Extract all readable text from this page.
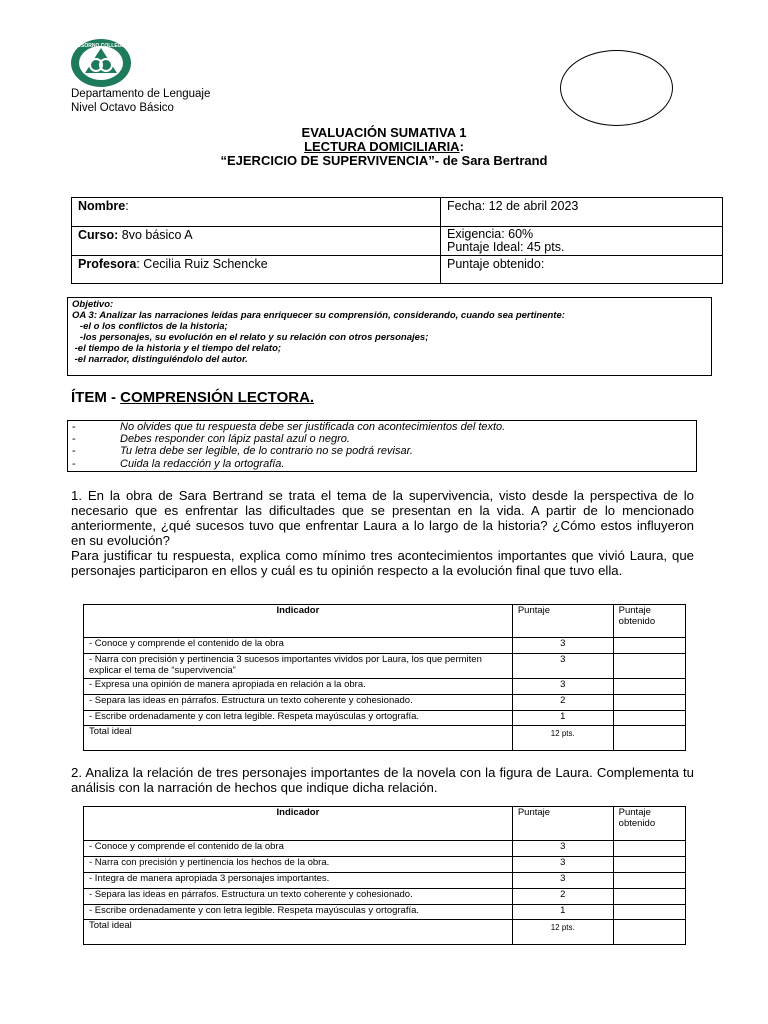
OSORNO COLLEGE
Departamento de Lenguaje
Nivel Octavo Básico
EVALUACIÓN SUMATIVA 1
LECTURA DOMICILIARIA:
“EJERCICIO DE SUPERVIVENCIA”- de Sara Bertrand
Nombre:	Fecha: 12 de abril 2023
Curso: 8vo básico A	Exigencia: 60%
Puntaje Ideal: 45 pts.

Profesora: Cecilia Ruiz Schencke	Puntaje obtenido:
Objetivo:
OA 3: Analizar las narraciones leídas para enriquecer su comprensión, considerando, cuando sea pertinente:
-el o los conflictos de la historia;
-los personajes, su evolución en el relato y su relación con otros personajes;
-el tiempo de la historia y el tiempo del relato;
-el narrador, distinguiéndolo del autor.
ÍTEM - COMPRENSIÓN LECTORA.
-	No olvides que tu respuesta debe ser justificada con acontecimientos del texto.
-	Debes responder con lápiz pastal azul o negro.
-	Tu letra debe ser legible, de lo contrario no se podrá revisar.
-	Cuida la redacción y la ortografía.
1. En la obra de Sara Bertrand se trata el tema de la supervivencia, visto desde la perspectiva de lo necesario que es enfrentar las dificultades que se presentan en la vida. A partir de lo mencionado anteriormente, ¿qué sucesos tuvo que enfrentar Laura a lo largo de la historia? ¿Cómo estos influyeron en su evolución?
Para justificar tu respuesta, explica como mínimo tres acontecimientos importantes que vivió Laura, que personajes participaron en ellos y cuál es tu opinión respecto a la evolución final que tuvo ella.
Indicador	Puntaje	Puntaje obtenido
- Conoce y comprende el contenido de la obra	3	
- Narra con precisión y pertinencia 3 sucesos importantes vividos por Laura, los que permiten explicar el tema de “supervivencia”	3	
- Expresa una opinión de manera apropiada en relación a la obra.	3	
- Separa las ideas en párrafos. Estructura un texto coherente y cohesionado.	2	
- Escribe ordenadamente y con letra legible. Respeta mayúsculas y ortografía.	1	
Total ideal	12 pts.	
2. Analiza la relación de tres personajes importantes de la novela con la figura de Laura. Complementa tu análisis con la narración de hechos que indique dicha relación.
Indicador	Puntaje	Puntaje obtenido
- Conoce y comprende el contenido de la obra	3	
- Narra con precisión y pertinencia los hechos de la obra.	3	
- Integra de manera apropiada 3 personajes importantes.	3	
- Separa las ideas en párrafos. Estructura un texto coherente y cohesionado.	2	
- Escribe ordenadamente y con letra legible. Respeta mayúsculas y ortografía.	1	
Total ideal	12 pts.	
